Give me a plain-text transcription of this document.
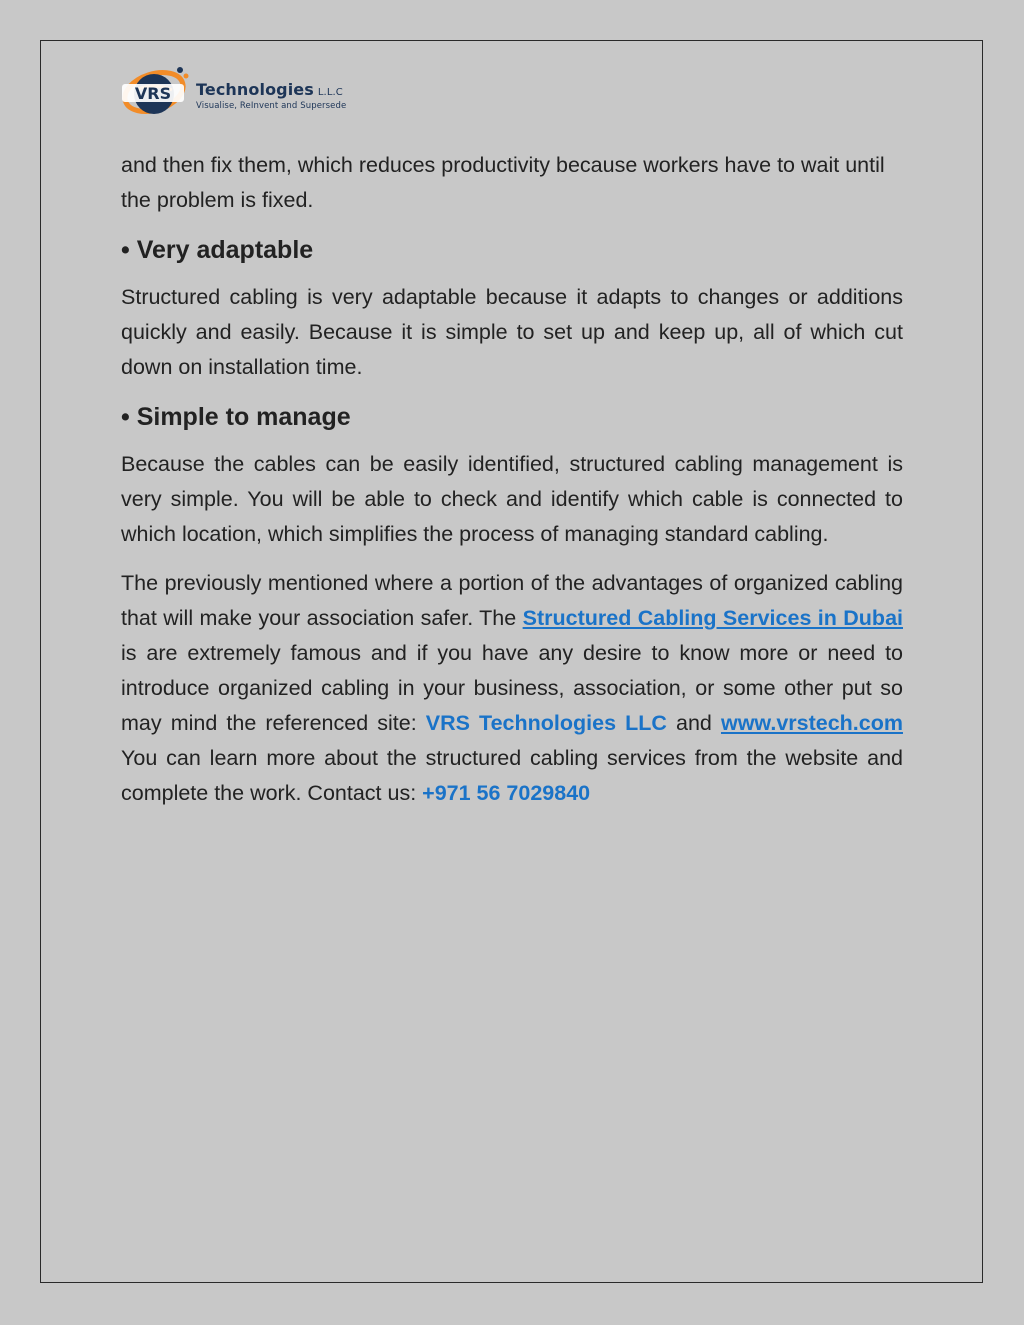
VRS Technologies L.L.C
Visualise, ReInvent and Supersede

and then fix them, which reduces productivity because workers have to wait until the problem is fixed.

• Very adaptable

Structured cabling is very adaptable because it adapts to changes or additions quickly and easily. Because it is simple to set up and keep up, all of which cut down on installation time.

• Simple to manage

Because the cables can be easily identified, structured cabling management is very simple. You will be able to check and identify which cable is connected to which location, which simplifies the process of managing standard cabling.

The previously mentioned where a portion of the advantages of organized cabling that will make your association safer. The Structured Cabling Services in Dubai is are extremely famous and if you have any desire to know more or need to introduce organized cabling in your business, association, or some other put so may mind the referenced site: VRS Technologies LLC and www.vrstech.com You can learn more about the structured cabling services from the website and complete the work. Contact us: +971 56 7029840
